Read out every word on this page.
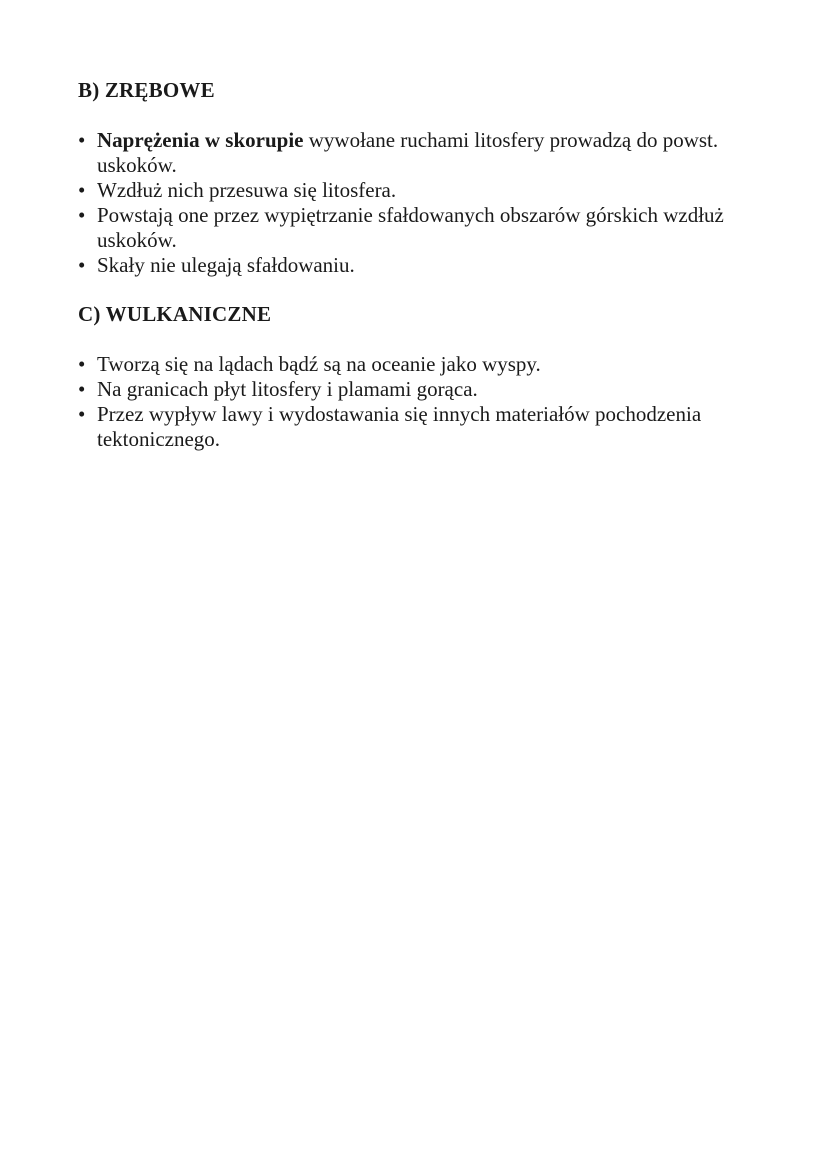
B) ZRĘBOWE
• Naprężenia w skorupie wywołane ruchami litosfery prowadzą do powst. uskoków.
• Wzdłuż nich przesuwa się litosfera.
• Powstają one przez wypiętrzanie sfałdowanych obszarów górskich wzdłuż uskoków.
• Skały nie ulegają sfałdowaniu.
C) WULKANICZNE
• Tworzą się na lądach bądź są na oceanie jako wyspy.
• Na granicach płyt litosfery i plamami gorąca.
• Przez wypływ lawy i wydostawania się innych materiałów pochodzenia tektonicznego.
